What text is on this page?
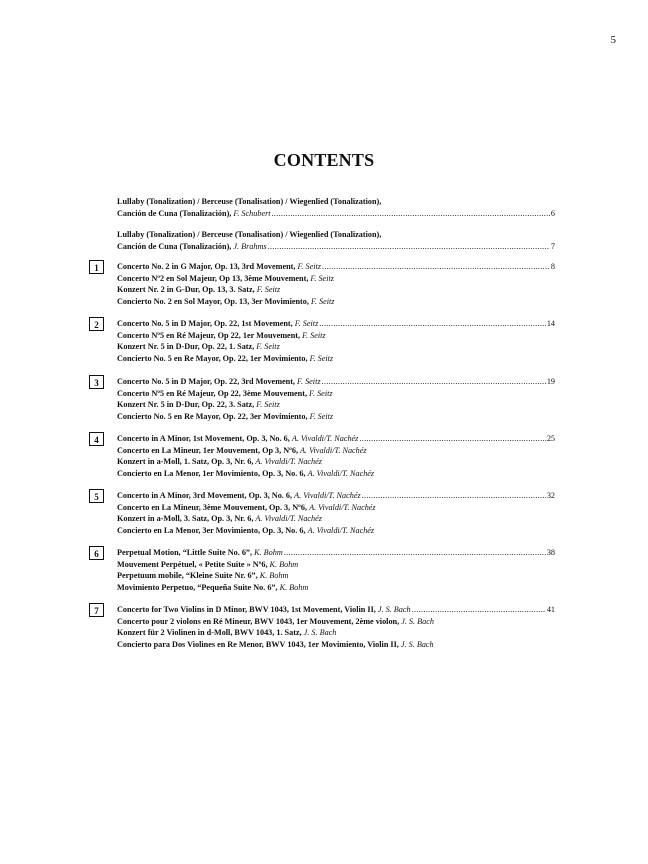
5
CONTENTS
Lullaby (Tonalization) / Berceuse (Tonalisation) / Wiegenlied (Tonalization),
Canción de Cuna (Tonalización), F. Schubert .....	6
Lullaby (Tonalization) / Berceuse (Tonalisation) / Wiegenlied (Tonalization),
Canción de Cuna (Tonalización), J. Brahms .....	7
1	Concerto No. 2 in G Major, Op. 13, 3rd Movement, F. Seitz .....	8
Concerto Nº2 en Sol Majeur, Op 13, 3ème Mouvement, F. Seitz
Konzert Nr. 2 in G-Dur, Op. 13, 3. Satz, F. Seitz
Concierto No. 2 en Sol Mayor, Op. 13, 3er Movimiento, F. Seitz
2	Concerto No. 5 in D Major, Op. 22, 1st Movement, F. Seitz .....	14
Concerto Nº5 en Ré Majeur, Op 22, 1er Mouvement, F. Seitz
Konzert Nr. 5 in D-Dur, Op. 22, 1. Satz, F. Seitz
Concierto No. 5 en Re Mayor, Op. 22, 1er Movimiento, F. Seitz
3	Concerto No. 5 in D Major, Op. 22, 3rd Movement, F. Seitz .....	19
Concerto Nº5 en Ré Majeur, Op 22, 3ème Mouvement, F. Seitz
Konzert Nr. 5 in D-Dur, Op. 22, 3. Satz, F. Seitz
Concierto No. 5 en Re Mayor, Op. 22, 3er Movimiento, F. Seitz
4	Concerto in A Minor, 1st Movement, Op. 3, No. 6, A. Vivaldi/T. Nachéz .....	25
Concerto en La Mineur, 1er Mouvement, Op 3, Nº6, A. Vivaldi/T. Nachéz
Konzert in a-Moll, 1. Satz, Op. 3, Nr. 6, A. Vivaldi/T. Nachéz
Concierto en La Menor, 1er Movimiento, Op. 3, No. 6, A. Vivaldi/T. Nachéz
5	Concerto in A Minor, 3rd Movement, Op. 3, No. 6, A. Vivaldi/T. Nachéz .....	32
Concerto en La Mineur, 3ème Mouvement, Op. 3, Nº6, A. Vivaldi/T. Nachéz
Konzert in a-Moll, 3. Satz, Op. 3, Nr. 6, A. Vivaldi/T. Nachéz
Concierto en La Menor, 3er Movimiento, Op. 3, No. 6, A. Vivaldi/T. Nachéz
6	Perpetual Motion, “Little Suite No. 6”, K. Bohm .....	38
Mouvement Perpétuel, « Petite Suite » Nº6, K. Bohm
Perpetuum mobile, “Kleine Suite Nr. 6”, K. Bohm
Movimiento Perpetuo, “Pequeña Suite No. 6”, K. Bohm
7	Concerto for Two Violins in D Minor, BWV 1043, 1st Movement, Violin II, J. S. Bach .....	41
Concerto pour 2 violons en Ré Mineur, BWV 1043, 1er Mouvement, 2ème violon, J. S. Bach
Konzert für 2 Violinen in d-Moll, BWV 1043, 1. Satz, J. S. Bach
Concierto para Dos Violines en Re Menor, BWV 1043, 1er Movimiento, Violin II, J. S. Bach
